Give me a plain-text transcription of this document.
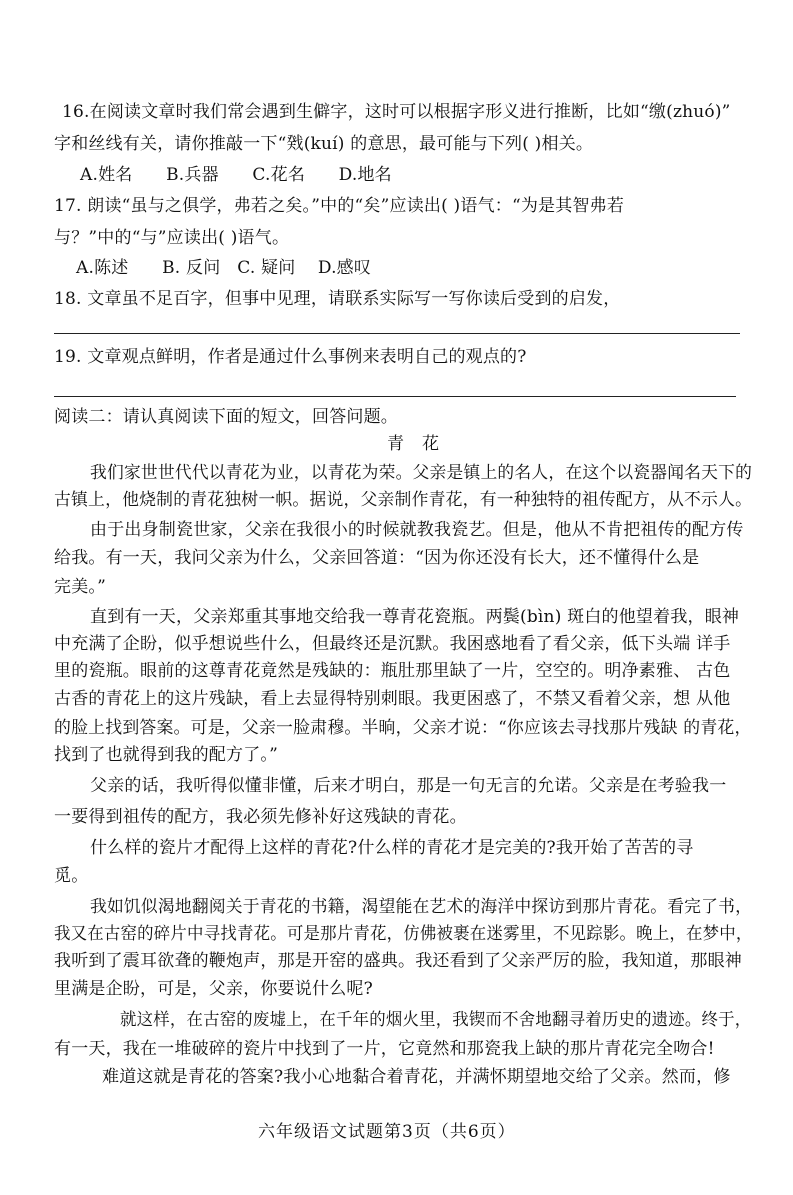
16.在阅读文章时我们常会遇到生僻字，这时可以根据字形义进行推断，比如“缴(zhuó)”
字和丝线有关，请你推敲一下“戣(kuí) 的意思，最可能与下列( )相关。
A.姓名      B.兵器      C.花名      D.地名
17. 朗读“虽与之俱学，弗若之矣。”中的“矣”应读出( )语气：“为是其智弗若
与？”中的“与”应读出( )语气。
A.陈述      B. 反问   C. 疑问    D.感叹
18. 文章虽不足百字，但事中见理，请联系实际写一写你读后受到的启发，
19. 文章观点鲜明，作者是通过什么事例来表明自己的观点的?
阅读二：请认真阅读下面的短文，回答问题。
青花
我们家世世代代以青花为业，以青花为荣。父亲是镇上的名人，在这个以瓷器闻名天下的
古镇上，他烧制的青花独树一帜。据说，父亲制作青花，有一种独特的祖传配方，从不示人。
由于出身制瓷世家，父亲在我很小的时候就教我瓷艺。但是，他从不肯把祖传的配方传
给我。有一天，我问父亲为什么，父亲回答道：“因为你还没有长大，还不懂得什么是
完美。”
直到有一天，父亲郑重其事地交给我一尊青花瓷瓶。两鬓(bìn) 斑白的他望着我，眼神
中充满了企盼，似乎想说些什么，但最终还是沉默。我困惑地看了看父亲，低下头端 详手
里的瓷瓶。眼前的这尊青花竟然是残缺的：瓶肚那里缺了一片，空空的。明净素雅、 古色
古香的青花上的这片残缺，看上去显得特别刺眼。我更困惑了，不禁又看着父亲，想 从他
的脸上找到答案。可是，父亲一脸肃穆。半晌，父亲才说：“你应该去寻找那片残缺 的青花，
找到了也就得到我的配方了。”
父亲的话，我听得似懂非懂，后来才明白，那是一句无言的允诺。父亲是在考验我一
一要得到祖传的配方，我必须先修补好这残缺的青花。
什么样的瓷片才配得上这样的青花?什么样的青花才是完美的?我开始了苦苦的寻
觅。
我如饥似渴地翻阅关于青花的书籍，渴望能在艺术的海洋中探访到那片青花。看完了书，
我又在古窑的碎片中寻找青花。可是那片青花，仿佛被裹在迷雾里，不见踪影。晚上，在梦中，
我听到了震耳欲聋的鞭炮声，那是开窑的盛典。我还看到了父亲严厉的脸，我知道，那眼神
里满是企盼，可是，父亲，你要说什么呢?
就这样，在古窑的废墟上，在千年的烟火里，我锲而不舍地翻寻着历史的遗迹。终于，
有一天，我在一堆破碎的瓷片中找到了一片，它竟然和那瓷我上缺的那片青花完全吻合!
难道这就是青花的答案?我小心地黏合着青花，并满怀期望地交给了父亲。然而，修
六年级语文试题第3页（共6页）
